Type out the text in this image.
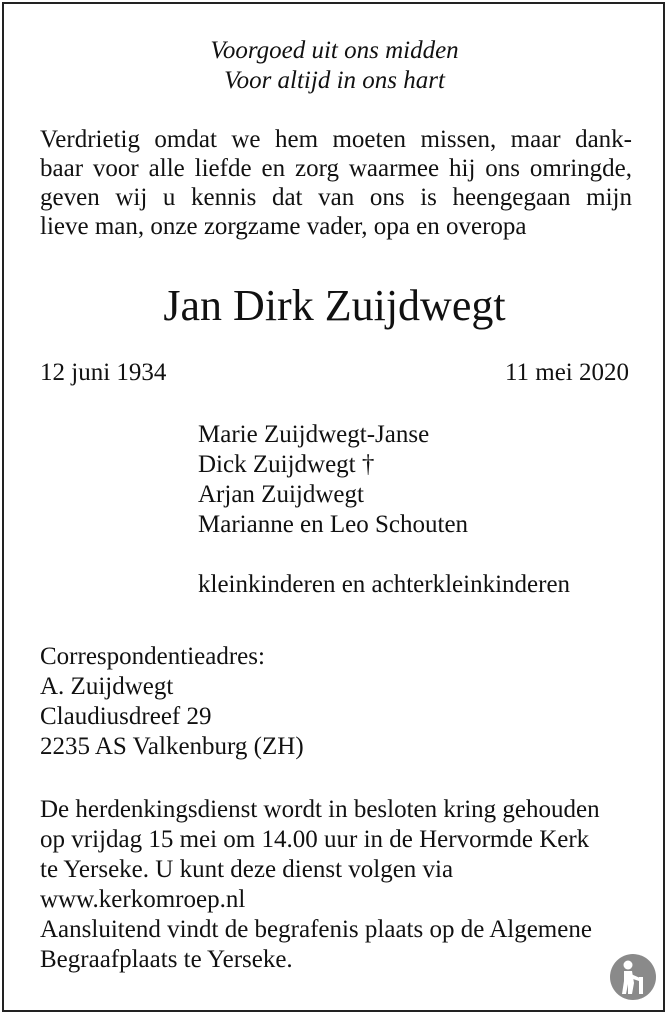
Voorgoed uit ons midden
Voor altijd in ons hart
Verdrietig omdat we hem moeten missen, maar dank-
baar voor alle liefde en zorg waarmee hij ons omringde,
geven wij u kennis dat van ons is heengegaan mijn
lieve man, onze zorgzame vader, opa en overopa
Jan Dirk Zuijdwegt
12 juni 1934	11 mei 2020
Marie Zuijdwegt-Janse
Dick Zuijdwegt †
Arjan Zuijdwegt
Marianne en Leo Schouten
kleinkinderen en achterkleinkinderen
Correspondentieadres:
A. Zuijdwegt
Claudiusdreef 29
2235 AS Valkenburg (ZH)
De herdenkingsdienst wordt in besloten kring gehouden
op vrijdag 15 mei om 14.00 uur in de Hervormde Kerk
te Yerseke. U kunt deze dienst volgen via
www.kerkomroep.nl
Aansluitend vindt de begrafenis plaats op de Algemene
Begraafplaats te Yerseke.
